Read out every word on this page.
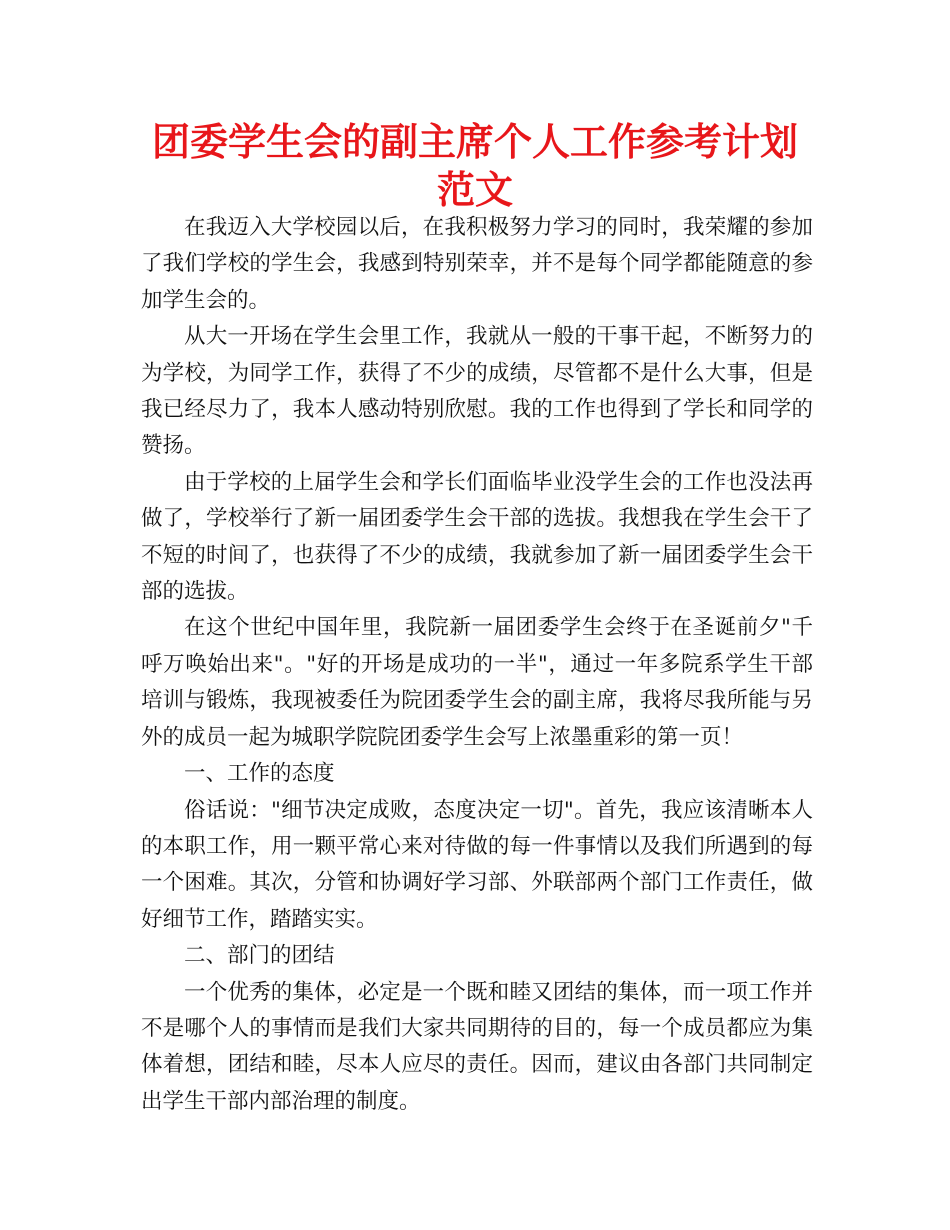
团委学生会的副主席个人工作参考计划范文

在我迈入大学校园以后，在我积极努力学习的同时，我荣耀的参加了我们学校的学生会，我感到特别荣幸，并不是每个同学都能随意的参加学生会的。

从大一开场在学生会里工作，我就从一般的干事干起，不断努力的为学校，为同学工作，获得了不少的成绩，尽管都不是什么大事，但是我已经尽力了，我本人感动特别欣慰。我的工作也得到了学长和同学的赞扬。

由于学校的上届学生会和学长们面临毕业没学生会的工作也没法再做了，学校举行了新一届团委学生会干部的选拔。我想我在学生会干了不短的时间了，也获得了不少的成绩，我就参加了新一届团委学生会干部的选拔。

在这个世纪中国年里，我院新一届团委学生会终于在圣诞前夕"千呼万唤始出来"。"好的开场是成功的一半"，通过一年多院系学生干部培训与锻炼，我现被委任为院团委学生会的副主席，我将尽我所能与另外的成员一起为城职学院院团委学生会写上浓墨重彩的第一页！

一、工作的态度

俗话说："细节决定成败，态度决定一切"。首先，我应该清晰本人的本职工作，用一颗平常心来对待做的每一件事情以及我们所遇到的每一个困难。其次，分管和协调好学习部、外联部两个部门工作责任，做好细节工作，踏踏实实。

二、部门的团结

一个优秀的集体，必定是一个既和睦又团结的集体，而一项工作并不是哪个人的事情而是我们大家共同期待的目的，每一个成员都应为集体着想，团结和睦，尽本人应尽的责任。因而，建议由各部门共同制定出学生干部内部治理的制度。
